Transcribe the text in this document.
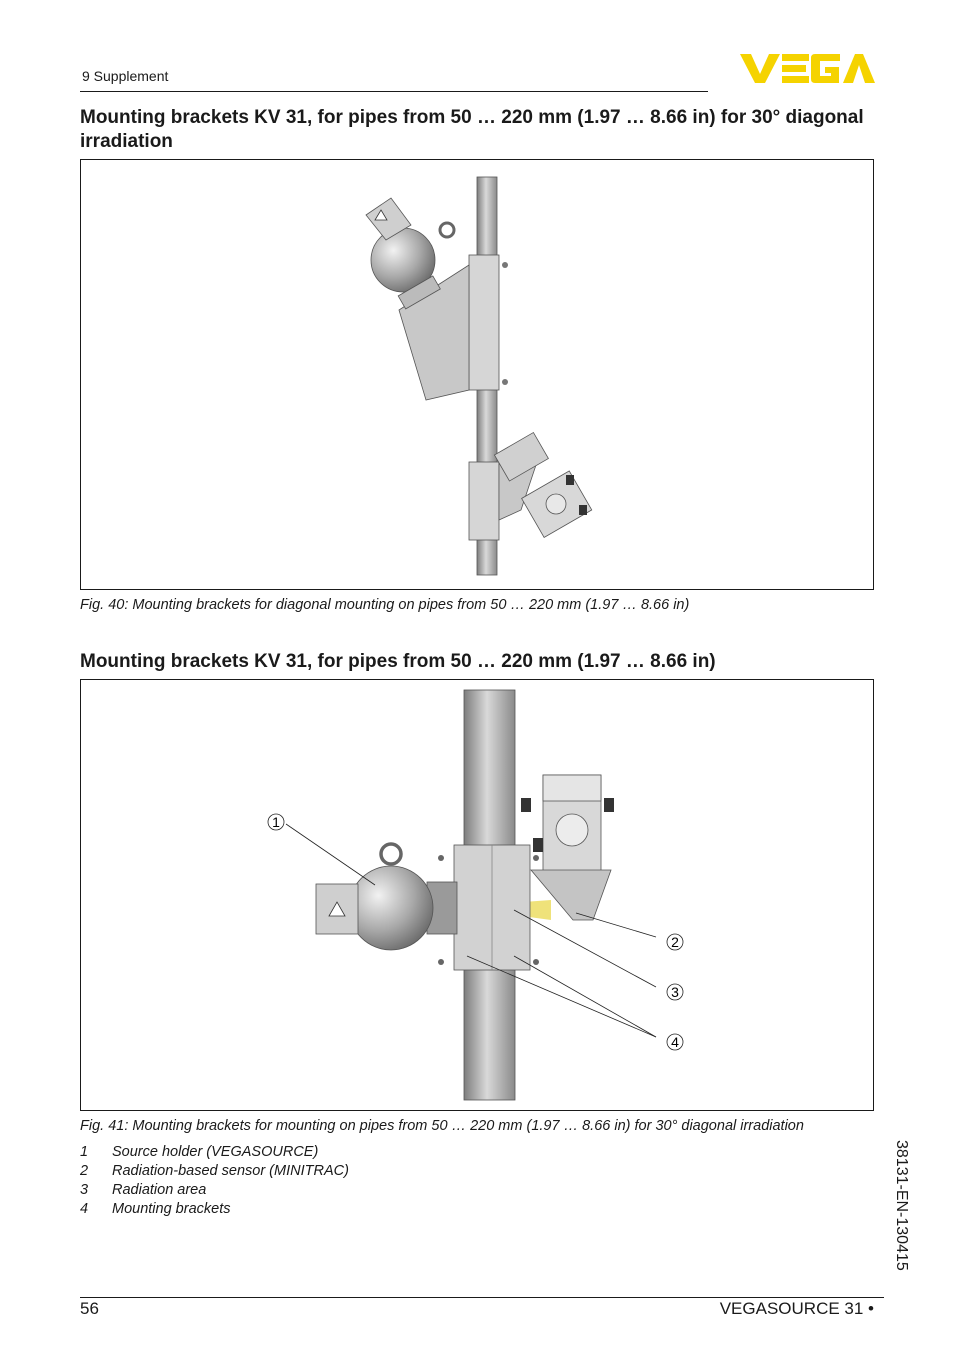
9 Supplement
Mounting brackets KV 31, for pipes from 50 … 220 mm (1.97 … 8.66 in) for 30° diagonal irradiation
Fig. 40: Mounting brackets for diagonal mounting on pipes from 50 … 220 mm (1.97 … 8.66 in)
Mounting brackets KV 31, for pipes from 50 … 220 mm (1.97 … 8.66 in)
1
2
3
4
Fig. 41: Mounting brackets for mounting on pipes from 50 … 220 mm (1.97 … 8.66 in) for 30° diagonal irradiation
1	Source holder (VEGASOURCE)
2	Radiation-based sensor (MINITRAC)
3	Radiation area
4	Mounting brackets	38131-EN-130415
56	VEGASOURCE 31 •
